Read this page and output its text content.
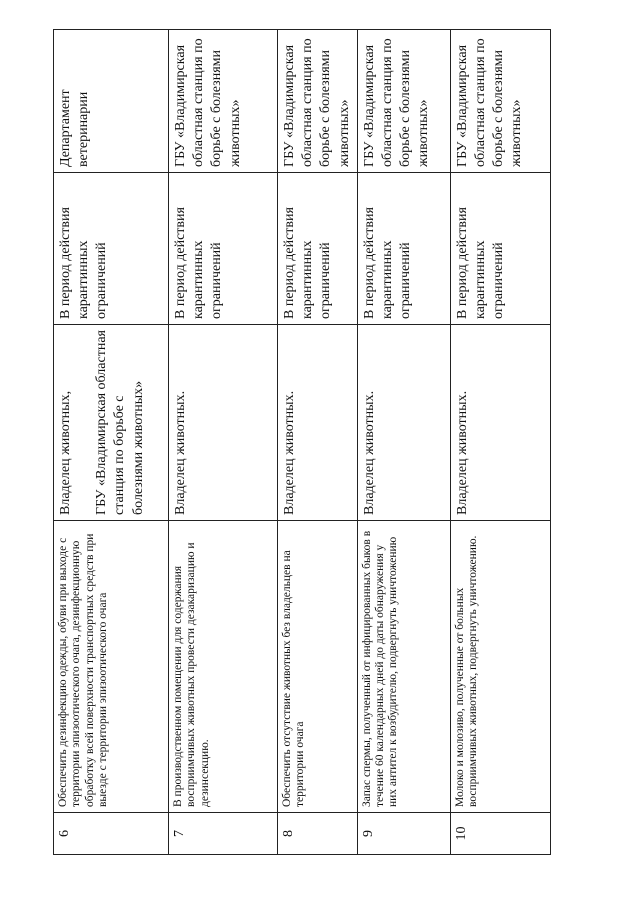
6	Обеспечить дезинфекцию одежды, обуви при выходе с территории эпизоотического очага, дезинфекционную обработку всей поверхности транспортных средств при выезде с территории эпизоотического очага	Владелец животных, ГБУ «Владимирская областная станция по борьбе с болезнями животных»	В период действия карантинных ограничений	Департамент ветеринарии
7	В производственном помещении для содержания восприимчивых животных провести дезакаризацию и дезинсекцию.	Владелец животных.	В период действия карантинных ограничений	ГБУ «Владимирская областная станция по борьбе с болезнями животных»
8	Обеспечить отсутствие животных без владельцев на территории очага	Владелец животных.	В период действия карантинных ограничений	ГБУ «Владимирская областная станция по борьбе с болезнями животных»
9	Запас спермы, полученный от инфицированных быков в течение 60 календарных дней до даты обнаружения у них антител к возбудителю, подвергнуть уничтожению	Владелец животных.	В период действия карантинных ограничений	ГБУ «Владимирская областная станция по борьбе с болезнями животных»
10	Молоко и молозиво, полученные от больных восприимчивых животных, подвергнуть уничтожению.	Владелец животных.	В период действия карантинных ограничений	ГБУ «Владимирская областная станция по борьбе с болезнями животных»
